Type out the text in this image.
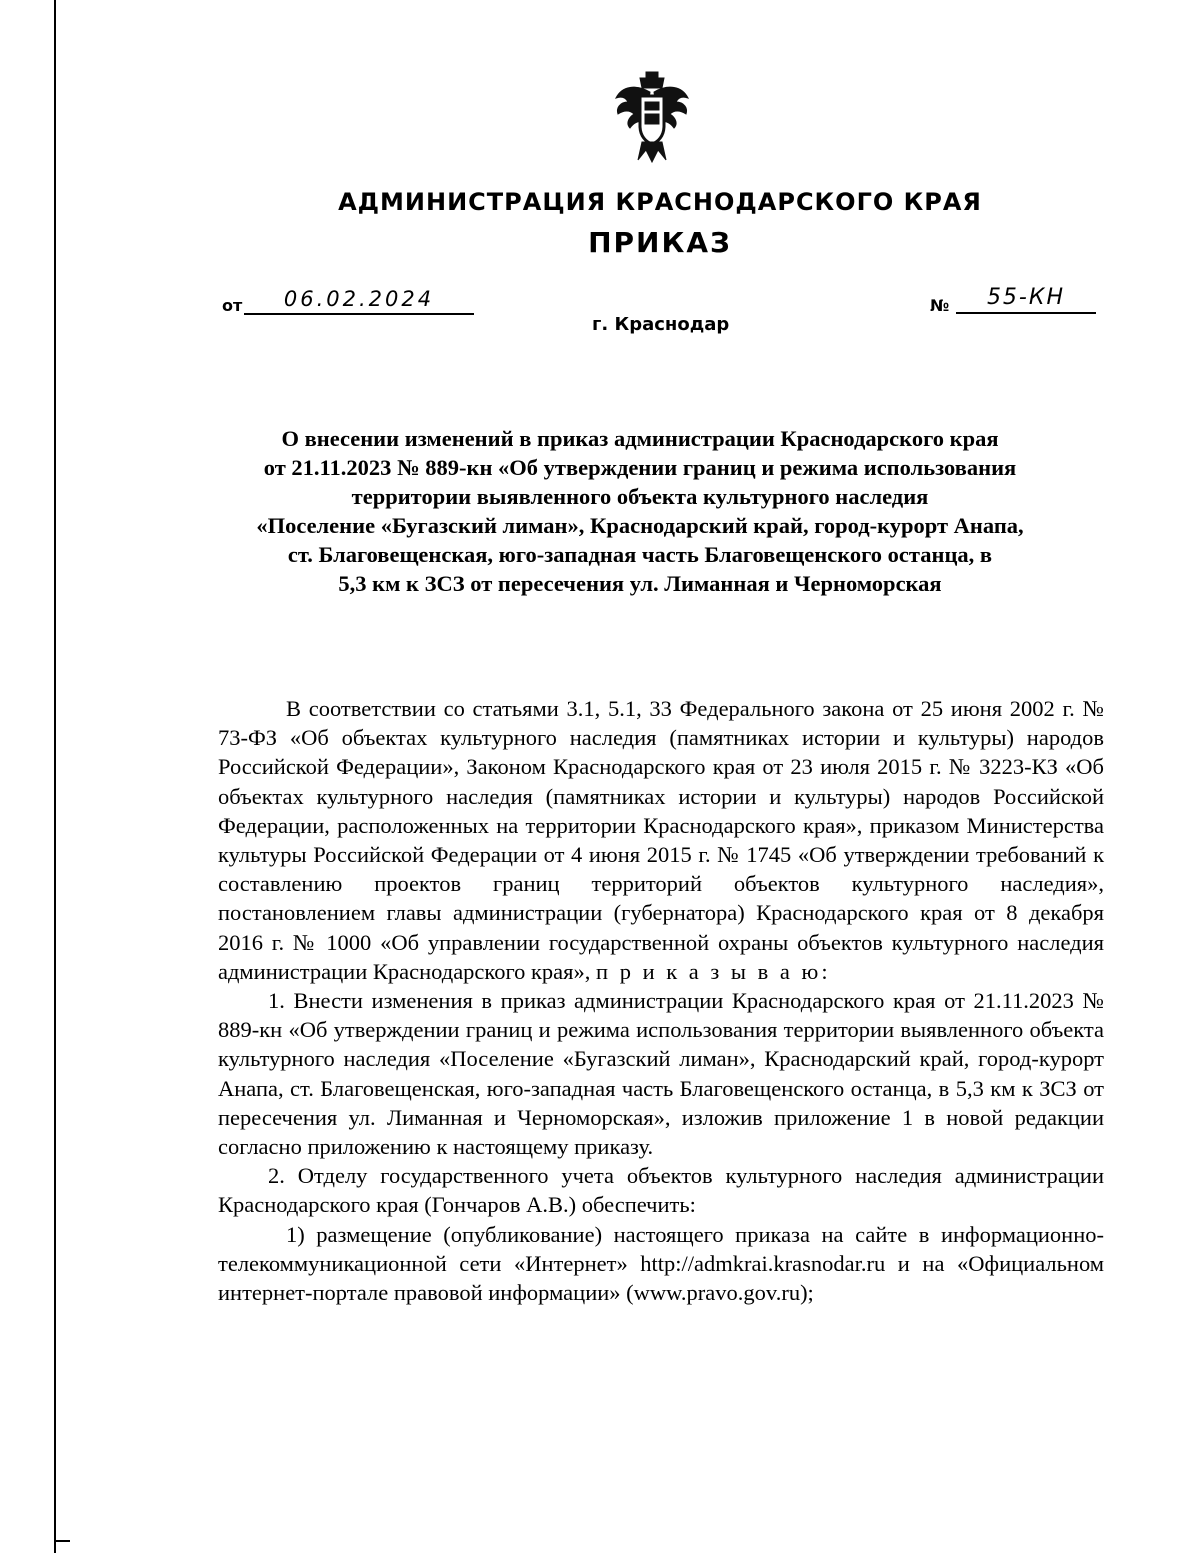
АДМИНИСТРАЦИЯ КРАСНОДАРСКОГО КРАЯ
ПРИКАЗ
от	06.02.2024	№	55-КН
г. Краснодар
О внесении изменений в приказ администрации Краснодарского края
от 21.11.2023 № 889-кн «Об утверждении границ и режима использования
территории выявленного объекта культурного наследия
«Поселение «Бугазский лиман», Краснодарский край, город-курорт Анапа,
ст. Благовещенская, юго-западная часть Благовещенского останца, в
5,3 км к ЗСЗ от пересечения ул. Лиманная и Черноморская
В соответствии со статьями 3.1, 5.1, 33 Федерального закона от 25 июня 2002 г. № 73-ФЗ «Об объектах культурного наследия (памятниках истории и культуры) народов Российской Федерации», Законом Краснодарского края от 23 июля 2015 г. № 3223-КЗ «Об объектах культурного наследия (памятниках истории и культуры) народов Российской Федерации, расположенных на территории Краснодарского края», приказом Министерства культуры Российской Федерации от 4 июня 2015 г. № 1745 «Об утверждении требований к составлению проектов границ территорий объектов культурного наследия», постановлением главы администрации (губернатора) Краснодарского края от 8 декабря 2016 г. № 1000 «Об управлении государственной охраны объектов культурного наследия администрации Краснодарского края», п р и к а з ы в а ю:
1. Внести изменения в приказ администрации Краснодарского края от 21.11.2023 № 889-кн «Об утверждении границ и режима использования территории выявленного объекта культурного наследия «Поселение «Бугазский лиман», Краснодарский край, город-курорт Анапа, ст. Благовещенская, юго-западная часть Благовещенского останца, в 5,3 км к ЗСЗ от пересечения ул. Лиманная и Черноморская», изложив приложение 1 в новой редакции согласно приложению к настоящему приказу.
2. Отделу государственного учета объектов культурного наследия администрации Краснодарского края (Гончаров А.В.) обеспечить:
1) размещение (опубликование) настоящего приказа на сайте в информационно-телекоммуникационной сети «Интернет» http://admkrai.krasnodar.ru и на «Официальном интернет-портале правовой информации» (www.pravo.gov.ru);
